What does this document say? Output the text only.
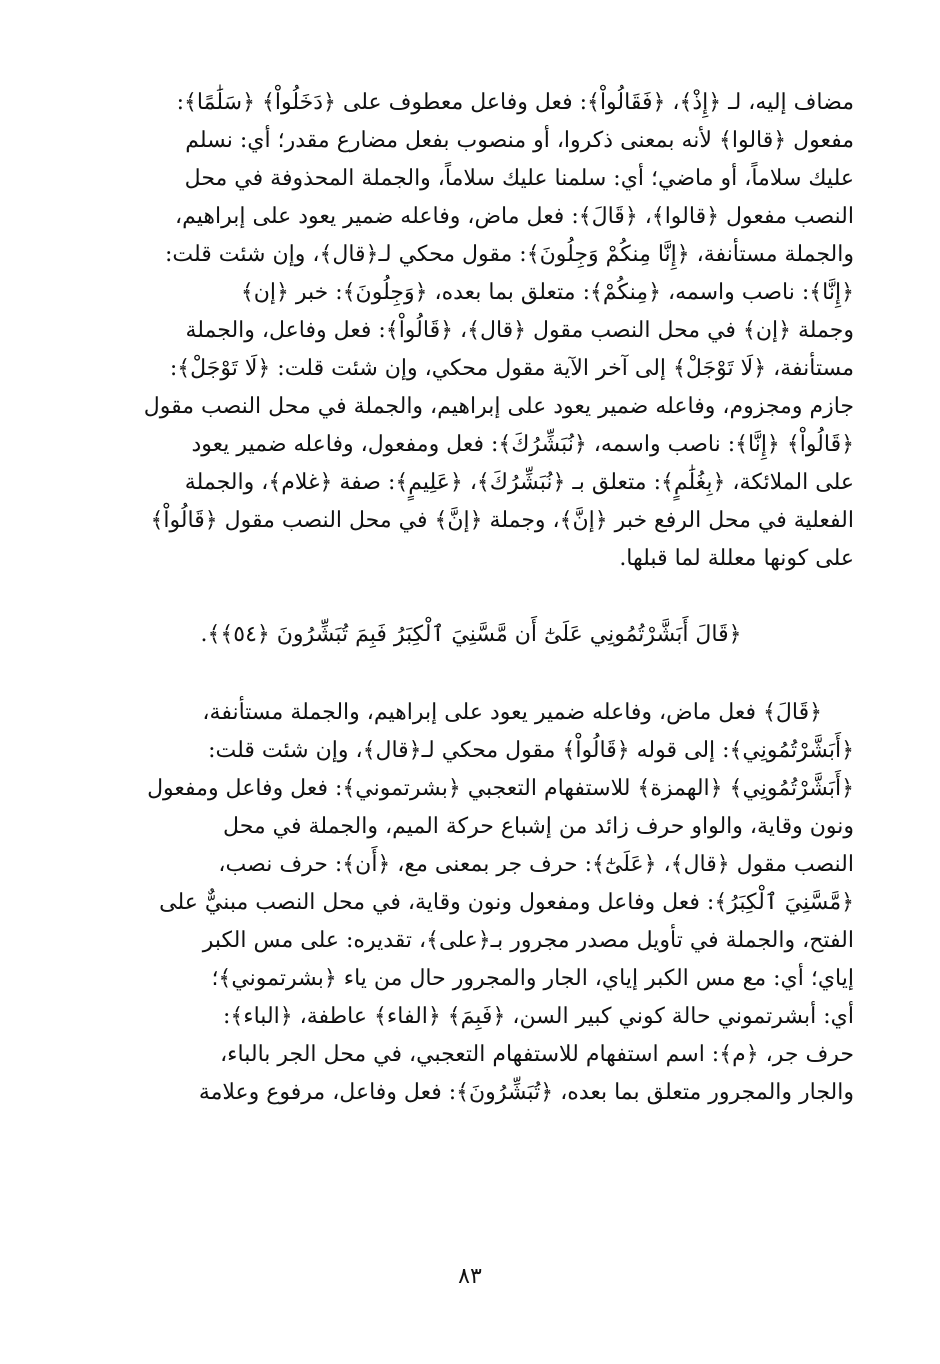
مضاف إليه، لـ ﴿إِذْ﴾، ﴿فَقَالُواْ﴾: فعل وفاعل معطوف على ﴿دَخَلُواْ﴾ ﴿سَلَٰمًا﴾:

مفعول ﴿قالوا﴾ لأنه بمعنى ذكروا، أو منصوب بفعل مضارع مقدر؛ أي: نسلم

عليك سلاماً، أو ماضي؛ أي: سلمنا عليك سلاماً، والجملة المحذوفة في محل

النصب مفعول ﴿قالوا﴾، ﴿قَالَ﴾: فعل ماض، وفاعله ضمير يعود على إبراهيم،

والجملة مستأنفة، ﴿إِنَّا مِنكُمْ وَجِلُونَ﴾: مقول محكي لـ﴿قال﴾، وإن شئت قلت:

﴿إِنَّا﴾: ناصب واسمه، ﴿مِنكُمْ﴾: متعلق بما بعده، ﴿وَجِلُونَ﴾: خبر ﴿إن﴾

وجملة ﴿إن﴾ في محل النصب مقول ﴿قال﴾، ﴿قَالُواْ﴾: فعل وفاعل، والجملة

مستأنفة، ﴿لَا تَوْجَلْ﴾ إلى آخر الآية مقول محكي، وإن شئت قلت: ﴿لَا تَوْجَلْ﴾:

جازم ومجزوم، وفاعله ضمير يعود على إبراهيم، والجملة في محل النصب مقول

﴿قَالُواْ﴾ ﴿إِنَّا﴾: ناصب واسمه، ﴿نُبَشِّرُكَ﴾: فعل ومفعول، وفاعله ضمير يعود

على الملائكة، ﴿بِغُلَٰمٍ﴾: متعلق بـ ﴿نُبَشِّرُكَ﴾، ﴿عَلِيمٍ﴾: صفة ﴿غلام﴾، والجملة

الفعلية في محل الرفع خبر ﴿إنَّ﴾، وجملة ﴿إنَّ﴾ في محل النصب مقول ﴿قَالُواْ﴾

على كونها معللة لما قبلها.

﴿قَالَ أَبَشَّرْتُمُونِي عَلَىٰٓ أَن مَّسَّنِيَ ٱلْكِبَرُ فَبِمَ تُبَشِّرُونَ ﴿٥٤﴾﴾.

﴿قَالَ﴾ فعل ماض، وفاعله ضمير يعود على إبراهيم، والجملة مستأنفة،

﴿أَبَشَّرْتُمُونِي﴾: إلى قوله ﴿قَالُواْ﴾ مقول محكي لـ﴿قال﴾، وإن شئت قلت:

﴿أَبَشَّرْتُمُونِي﴾ ﴿الهمزة﴾ للاستفهام التعجبي ﴿بشرتموني﴾: فعل وفاعل ومفعول

ونون وقاية، والواو حرف زائد من إشباع حركة الميم، والجملة في محل

النصب مقول ﴿قال﴾، ﴿عَلَىٰٓ﴾: حرف جر بمعنى مع، ﴿أَن﴾: حرف نصب،

﴿مَّسَّنِيَ ٱلْكِبَرُ﴾: فعل وفاعل ومفعول ونون وقاية، في محل النصب مبنيٌّ على

الفتح، والجملة في تأويل مصدر مجرور بـ﴿على﴾، تقديره: على مس الكبر

إياي؛ أي: مع مس الكبر إياي، الجار والمجرور حال من ياء ﴿بشرتموني﴾؛

أي: أبشرتموني حالة كوني كبير السن، ﴿فَبِمَ﴾ ﴿الفاء﴾ عاطفة، ﴿الباء﴾:

حرف جر، ﴿م﴾: اسم استفهام للاستفهام التعجبي، في محل الجر بالباء،

والجار والمجرور متعلق بما بعده، ﴿تُبَشِّرُونَ﴾: فعل وفاعل، مرفوع وعلامة

٨٣
